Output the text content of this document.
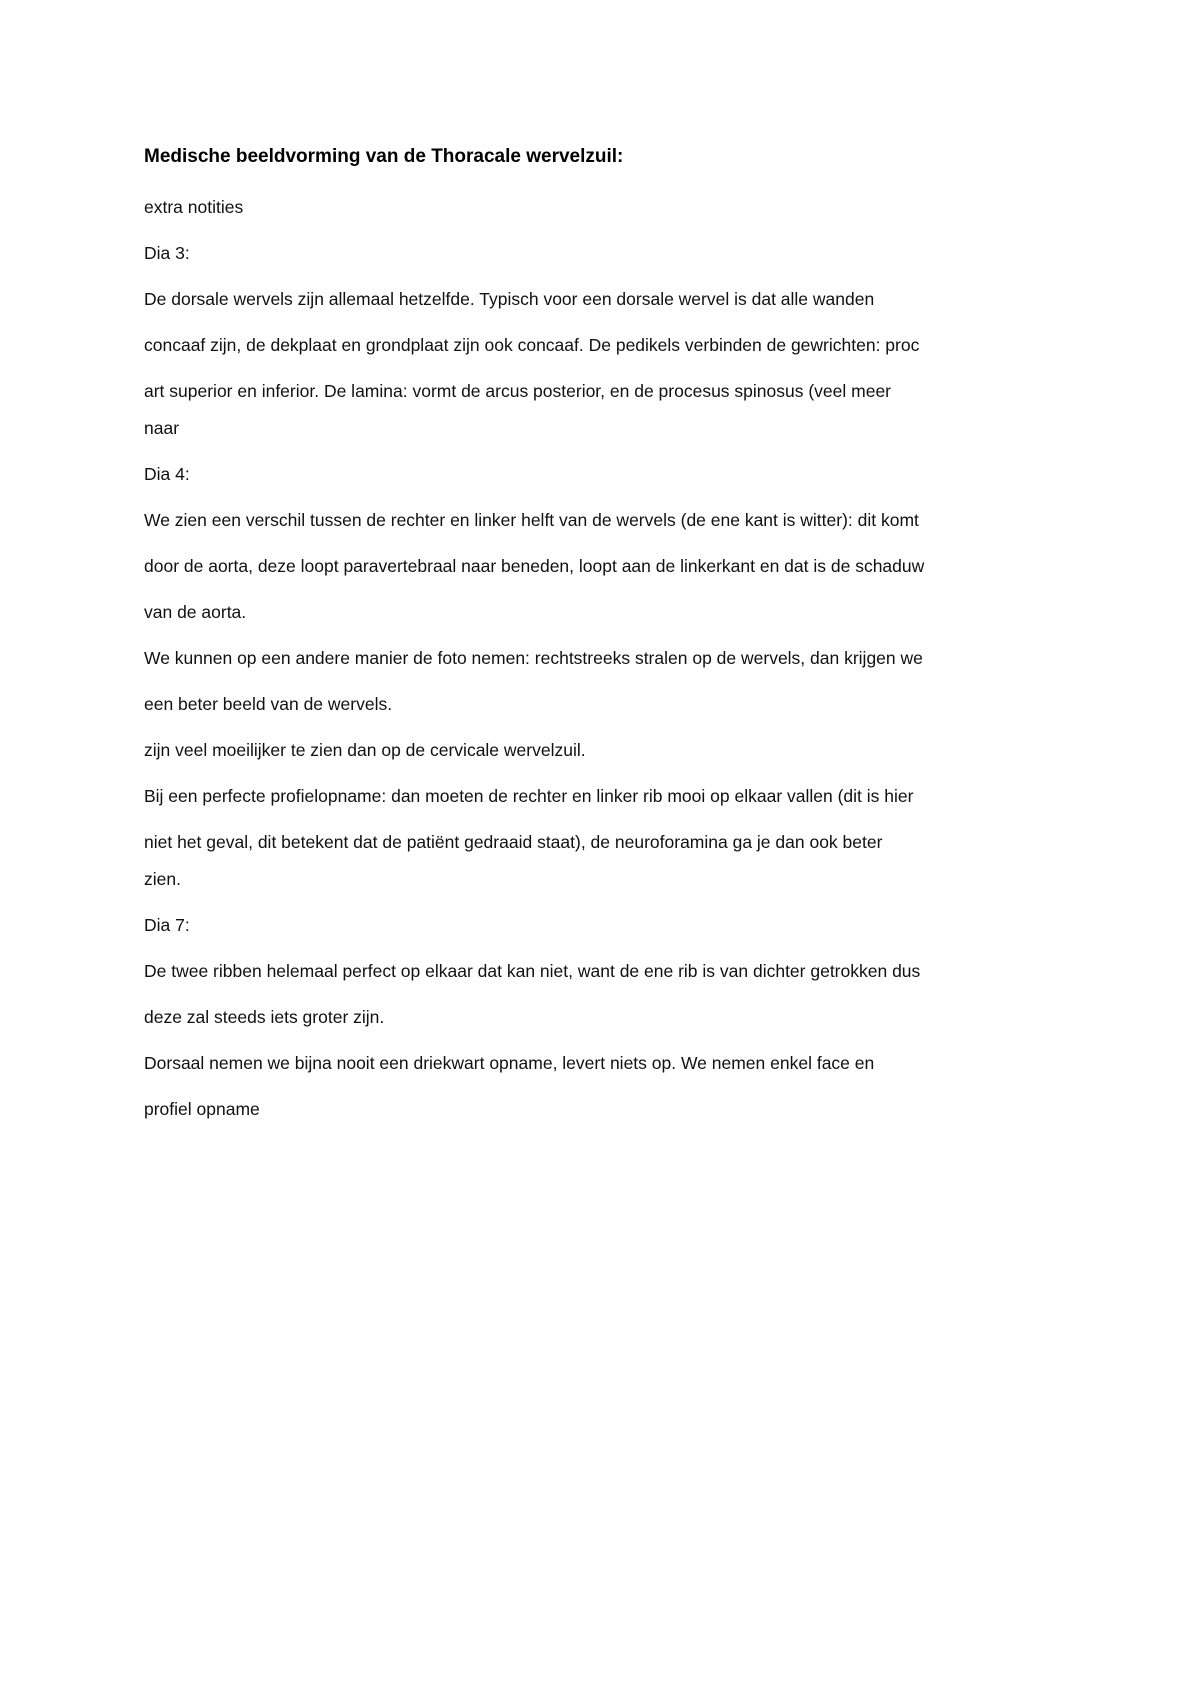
Medische beeldvorming van de Thoracale wervelzuil:

extra notities

Dia 3:

De dorsale wervels zijn allemaal hetzelfde. Typisch voor een dorsale wervel is dat alle wanden
concaaf zijn, de dekplaat en grondplaat zijn ook concaaf. De pedikels verbinden de gewrichten: proc
art superior en inferior. De lamina: vormt de arcus posterior, en de procesus spinosus (veel meer
naar

Dia 4:

We zien een verschil tussen de rechter en linker helft van de wervels (de ene kant is witter): dit komt
door de aorta, deze loopt paravertebraal naar beneden, loopt aan de linkerkant en dat is de schaduw
van de aorta.
We kunnen op een andere manier de foto nemen: rechtstreeks stralen op de wervels, dan krijgen we
een beter beeld van de wervels.
zijn veel moeilijker te zien dan op de cervicale wervelzuil.
Bij een perfecte profielopname: dan moeten de rechter en linker rib mooi op elkaar vallen (dit is hier
niet het geval, dit betekent dat de patiënt gedraaid staat), de neuroforamina ga je dan ook beter
zien.

Dia 7:

De twee ribben helemaal perfect op elkaar dat kan niet, want de ene rib is van dichter getrokken dus
deze zal steeds iets groter zijn.
Dorsaal nemen we bijna nooit een driekwart opname, levert niets op. We nemen enkel face en
profiel opname
